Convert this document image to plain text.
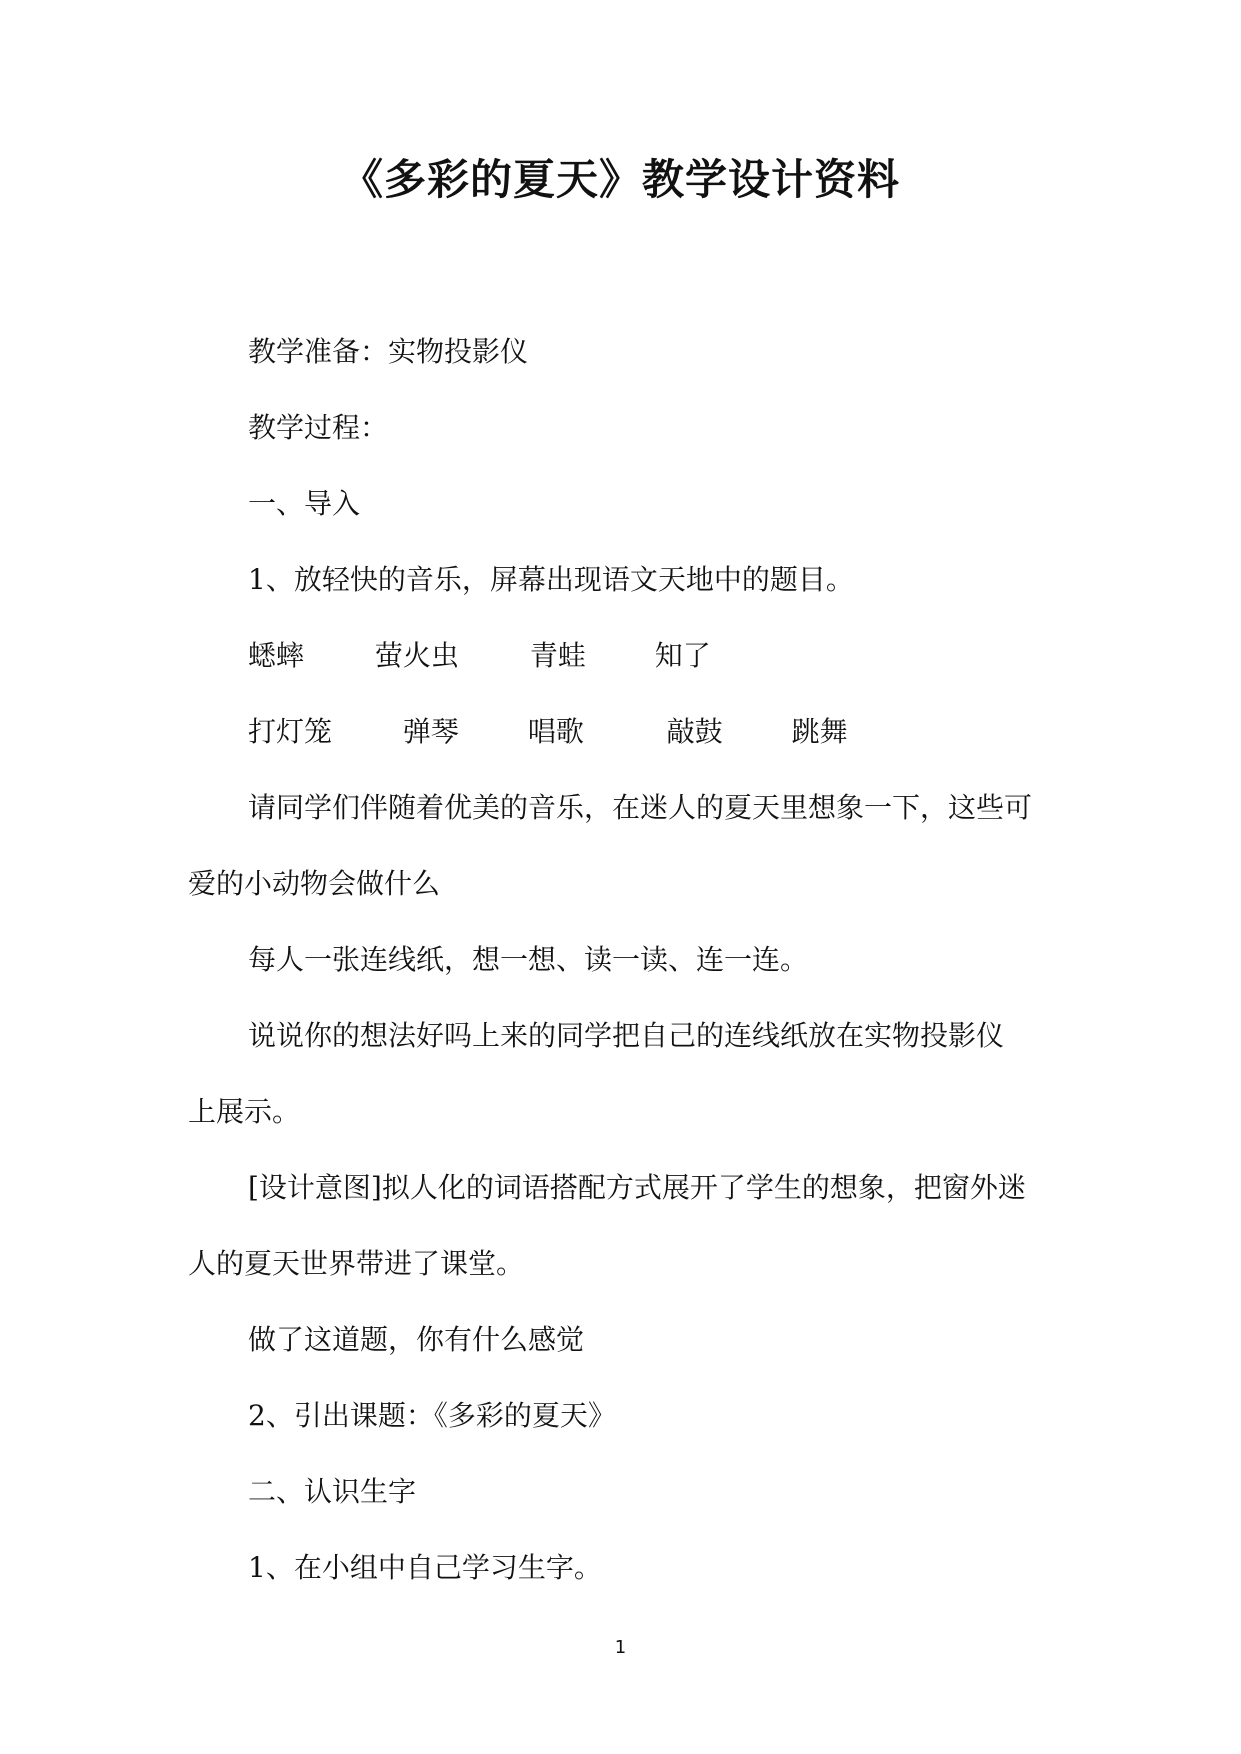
《多彩的夏天》教学设计资料
教学准备：实物投影仪
教学过程：
一、导入
1、放轻快的音乐，屏幕出现语文天地中的题目。
蟋蟀	萤火虫	青蛙 知了
打灯笼	弹琴 唱歌	敲鼓 跳舞
请同学们伴随着优美的音乐，在迷人的夏天里想象一下，这些可
爱的小动物会做什么
每人一张连线纸，想一想、读一读、连一连。
说说你的想法好吗上来的同学把自己的连线纸放在实物投影仪
上展示。
[设计意图]拟人化的词语搭配方式展开了学生的想象，把窗外迷
人的夏天世界带进了课堂。
做了这道题，你有什么感觉
2、引出课题：《多彩的夏天》
二、认识生字
1、在小组中自己学习生字。
1
